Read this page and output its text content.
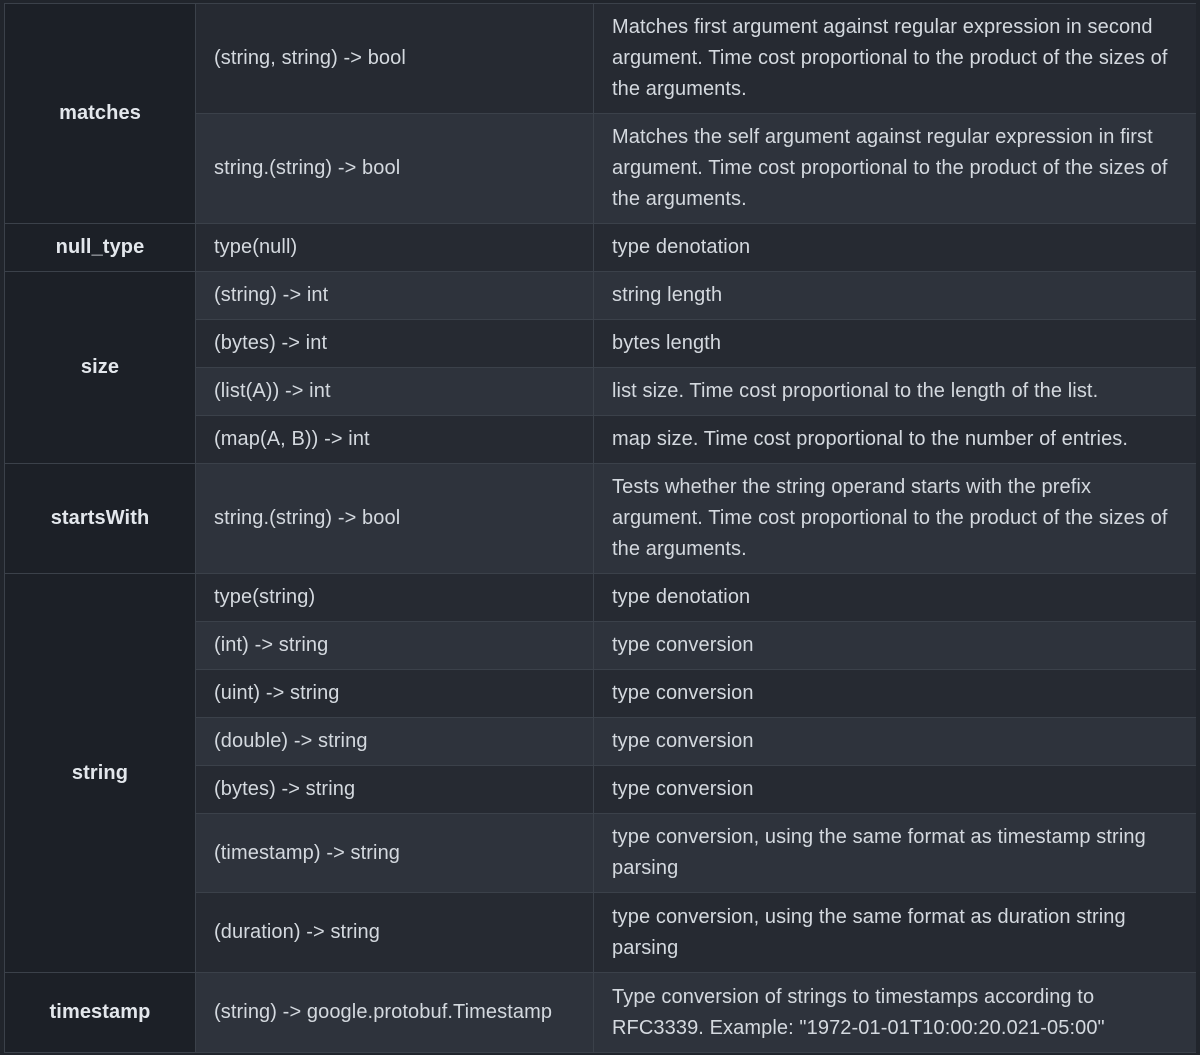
matches	(string, string) -> bool	Matches first argument against regular expression in second argument. Time cost proportional to the product of the sizes of the arguments.
	string.(string) -> bool	Matches the self argument against regular expression in first argument. Time cost proportional to the product of the sizes of the arguments.
null_type	type(null)	type denotation
size	(string) -> int	string length
	(bytes) -> int	bytes length
	(list(A)) -> int	list size. Time cost proportional to the length of the list.
	(map(A, B)) -> int	map size. Time cost proportional to the number of entries.
startsWith	string.(string) -> bool	Tests whether the string operand starts with the prefix argument. Time cost proportional to the product of the sizes of the arguments.
string	type(string)	type denotation
	(int) -> string	type conversion
	(uint) -> string	type conversion
	(double) -> string	type conversion
	(bytes) -> string	type conversion
	(timestamp) -> string	type conversion, using the same format as timestamp string parsing
	(duration) -> string	type conversion, using the same format as duration string parsing
timestamp	(string) -> google.protobuf.Timestamp	Type conversion of strings to timestamps according to RFC3339. Example: "1972-01-01T10:00:20.021-05:00"
